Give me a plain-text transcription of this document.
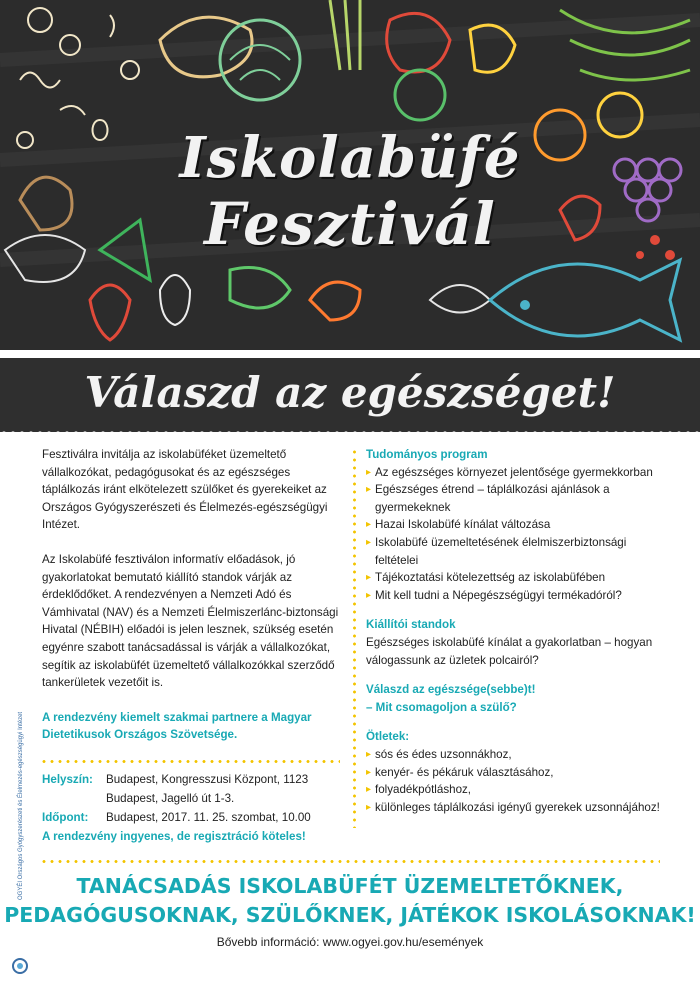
Iskolabüfé
Fesztivál
Válaszd az egészséget!

Fesztiválra invitálja az iskolabüféket üzemeltető vállalkozókat, pedagógusokat és az egészséges táplálkozás iránt elkötelezett szülőket és gyerekeiket az Országos Gyógyszerészeti és Élelmezés-egészségügyi Intézet.

Az Iskolabüfé fesztiválon informatív előadások, jó gyakorlatokat bemutató kiállító standok várják az érdeklődőket. A rendezvényen a Nemzeti Adó és Vámhivatal (NAV) és a Nemzeti Élelmiszerlánc-biztonsági Hivatal (NÉBIH) előadói is jelen lesznek, szükség esetén egyénre szabott tanácsadással is várják a vállalkozókat, segítik az iskolabüfét üzemeltető vállalkozókkal szerződő tankerületek vezetőit is.

A rendezvény kiemelt szakmai partnere a Magyar Dietetikusok Országos Szövetsége.

Helyszín: Budapest, Kongresszusi Központ, 1123
Budapest, Jagelló út 1-3.
Időpont: Budapest, 2017. 11. 25. szombat, 10.00
A rendezvény ingyenes, de regisztráció köteles!
Tudományos program
▸ Az egészséges környezet jelentősége gyermekkorban
▸ Egészséges étrend – táplálkozási ajánlások a gyermekeknek
▸ Hazai Iskolabüfé kínálat változása
▸ Iskolabüfé üzemeltetésének élelmiszerbiztonsági feltételei
▸ Tájékoztatási kötelezettség az iskolabüfében
▸ Mit kell tudni a Népegészségügyi termékadóról?
Kiállítói standok
Egészséges iskolabüfé kínálat a gyakorlatban – hogyan válogassunk az üzletek polcairól?
Válaszd az egészsége(sebbe)t!
– Mit csomagoljon a szülő?
Ötletek:
▸ sós és édes uzsonnákhoz,
▸ kenyér- és pékáruk választásához,
▸ folyadékpótláshoz,
▸ különleges táplálkozási igényű gyerekek uzsonnájához!
TANÁCSADÁS ISKOLABÜFÉT ÜZEMELTETŐKNEK,
PEDAGÓGUSOKNAK, SZÜLŐKNEK, JÁTÉKOK ISKOLÁSOKNAK!
Bővebb információ: www.ogyei.gov.hu/események
OGYÉI Országos Gyógyszerészeti és Élelmezés-egészségügyi Intézet
